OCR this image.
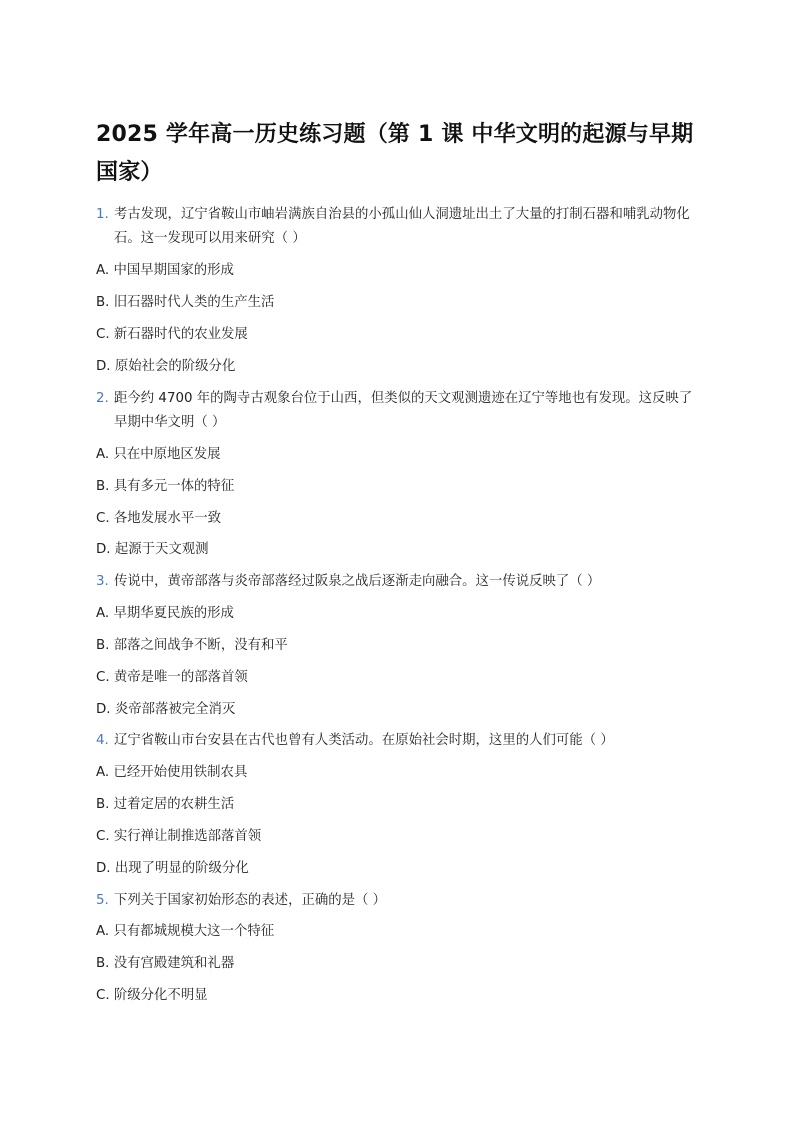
2025 学年高一历史练习题（第 1 课 中华文明的起源与早期国家）
1. 考古发现，辽宁省鞍山市岫岩满族自治县的小孤山仙人洞遗址出土了大量的打制石器和哺乳动物化石。这一发现可以用来研究（ ）
A. 中国早期国家的形成
B. 旧石器时代人类的生产生活
C. 新石器时代的农业发展
D. 原始社会的阶级分化
2. 距今约 4700 年的陶寺古观象台位于山西，但类似的天文观测遗迹在辽宁等地也有发现。这反映了早期中华文明（ ）
A. 只在中原地区发展
B. 具有多元一体的特征
C. 各地发展水平一致
D. 起源于天文观测
3. 传说中，黄帝部落与炎帝部落经过阪泉之战后逐渐走向融合。这一传说反映了（ ）
A. 早期华夏民族的形成
B. 部落之间战争不断，没有和平
C. 黄帝是唯一的部落首领
D. 炎帝部落被完全消灭
4. 辽宁省鞍山市台安县在古代也曾有人类活动。在原始社会时期，这里的人们可能（ ）
A. 已经开始使用铁制农具
B. 过着定居的农耕生活
C. 实行禅让制推选部落首领
D. 出现了明显的阶级分化
5. 下列关于国家初始形态的表述，正确的是（ ）
A. 只有都城规模大这一个特征
B. 没有宫殿建筑和礼器
C. 阶级分化不明显
